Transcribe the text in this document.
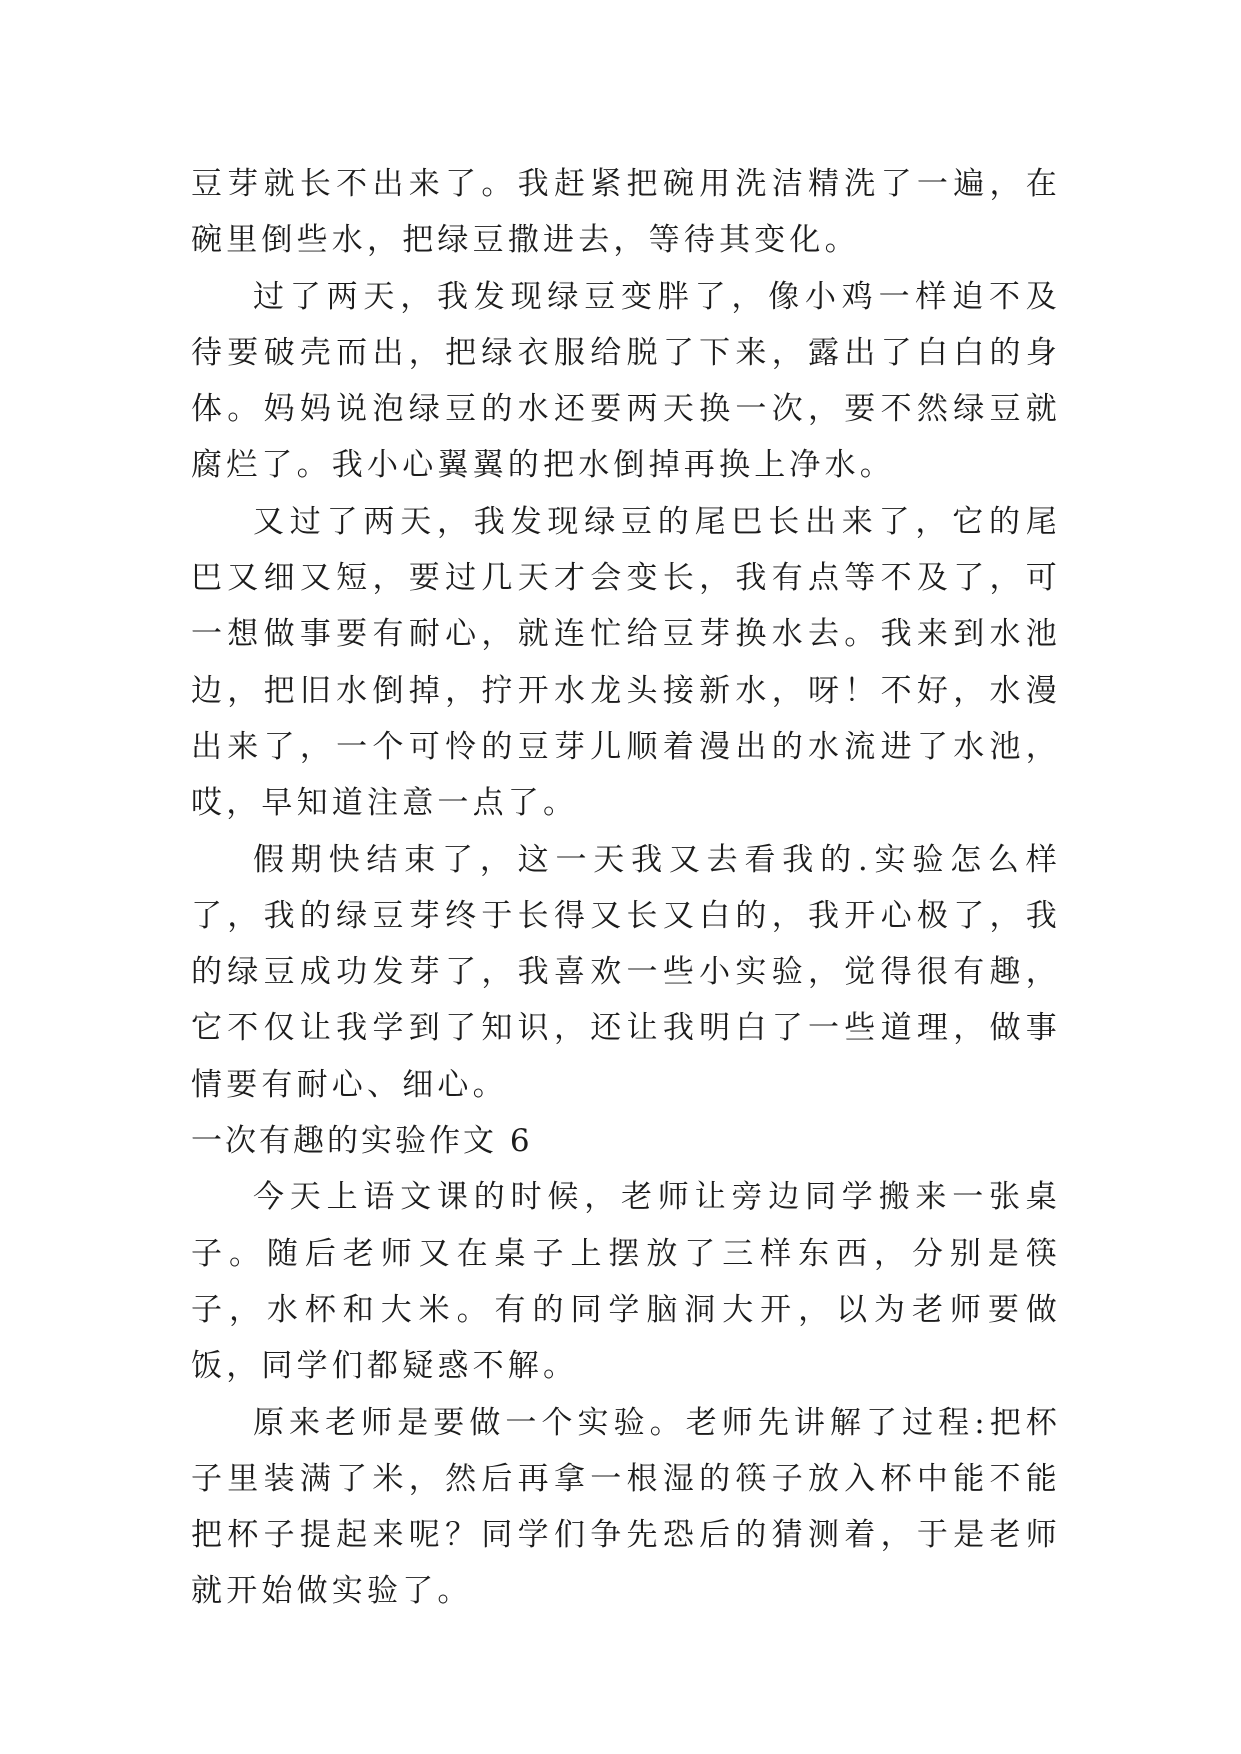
豆芽就长不出来了。我赶紧把碗用洗洁精洗了一遍，在碗里倒些水，把绿豆撒进去，等待其变化。

过了两天，我发现绿豆变胖了，像小鸡一样迫不及待要破壳而出，把绿衣服给脱了下来，露出了白白的身体。妈妈说泡绿豆的水还要两天换一次，要不然绿豆就腐烂了。我小心翼翼的把水倒掉再换上净水。

又过了两天，我发现绿豆的尾巴长出来了，它的尾巴又细又短，要过几天才会变长，我有点等不及了，可一想做事要有耐心，就连忙给豆芽换水去。我来到水池边，把旧水倒掉，拧开水龙头接新水，呀！不好，水漫出来了，一个可怜的豆芽儿顺着漫出的水流进了水池，哎，早知道注意一点了。

假期快结束了，这一天我又去看我的.实验怎么样了，我的绿豆芽终于长得又长又白的，我开心极了，我的绿豆成功发芽了，我喜欢一些小实验，觉得很有趣，它不仅让我学到了知识，还让我明白了一些道理，做事情要有耐心、细心。

一次有趣的实验作文 6

今天上语文课的时候，老师让旁边同学搬来一张桌子。随后老师又在桌子上摆放了三样东西，分别是筷子，水杯和大米。有的同学脑洞大开，以为老师要做饭，同学们都疑惑不解。

原来老师是要做一个实验。老师先讲解了过程:把杯子里装满了米，然后再拿一根湿的筷子放入杯中能不能把杯子提起来呢？同学们争先恐后的猜测着，于是老师就开始做实验了。
